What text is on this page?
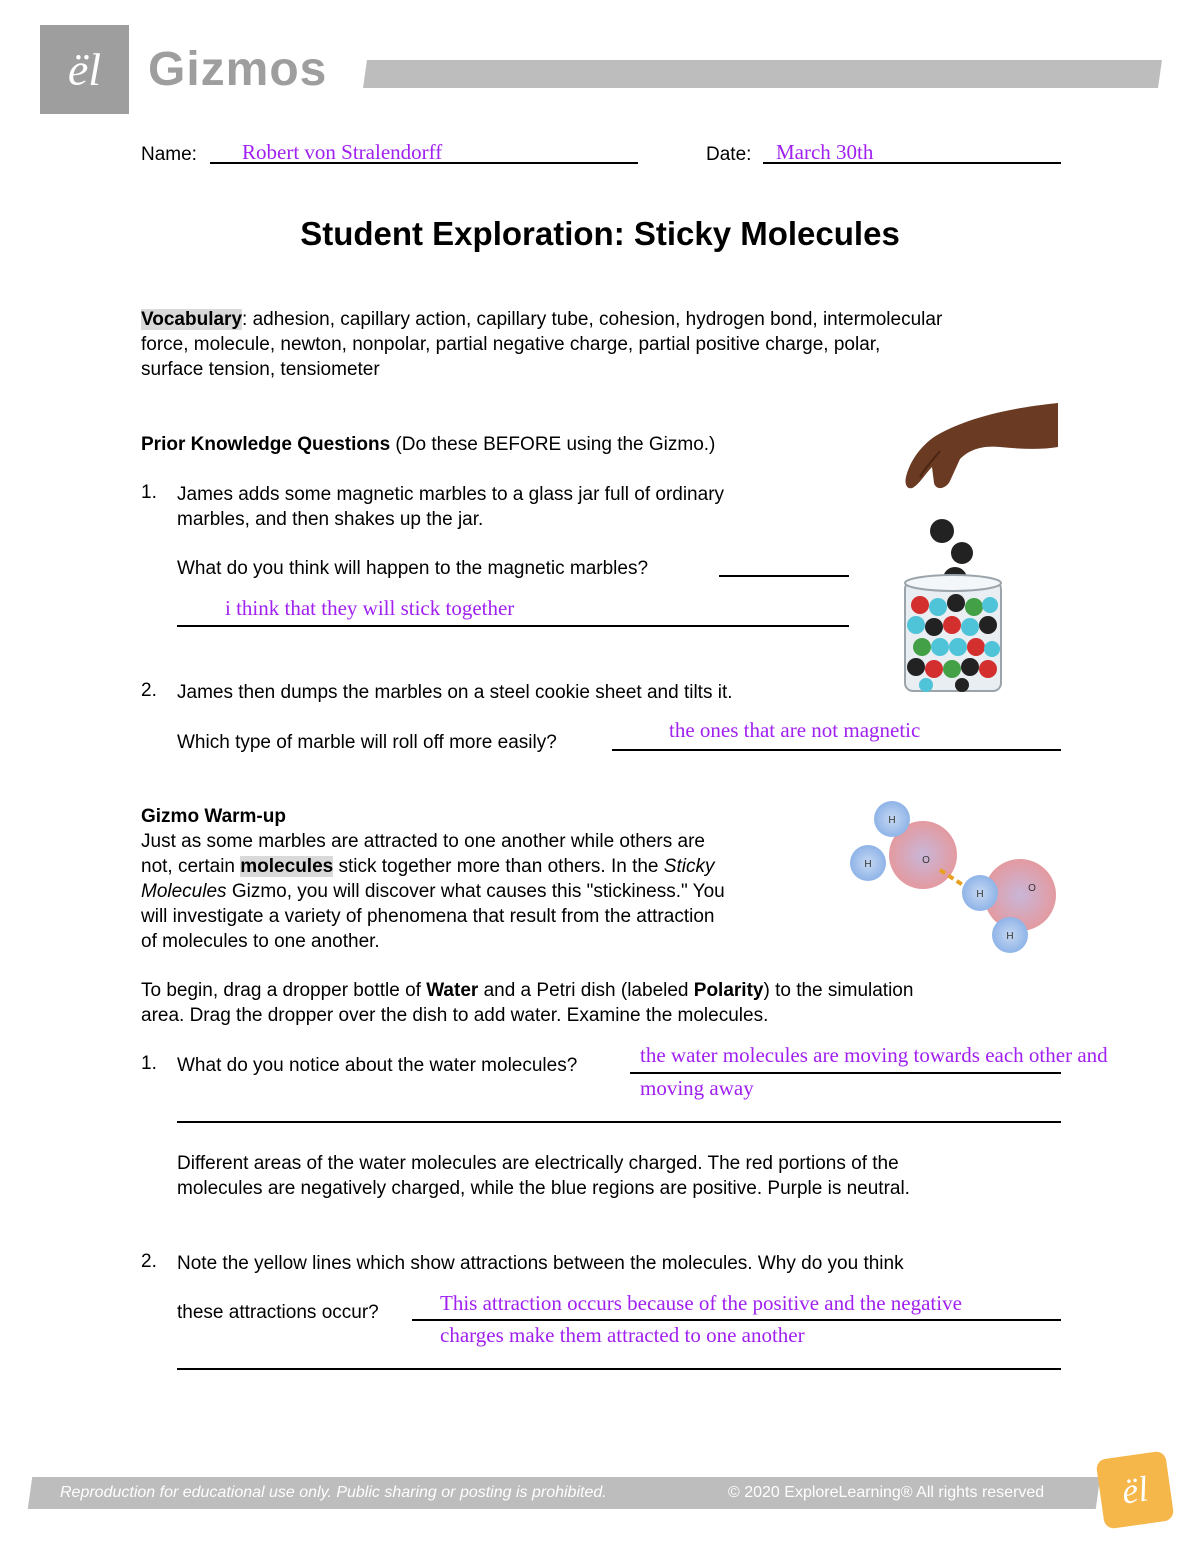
ël Gizmos
Name: Robert von Stralendorff	Date: March 30th
Student Exploration: Sticky Molecules
Vocabulary: adhesion, capillary action, capillary tube, cohesion, hydrogen bond, intermolecular
force, molecule, newton, nonpolar, partial negative charge, partial positive charge, polar,
surface tension, tensiometer
Prior Knowledge Questions (Do these BEFORE using the Gizmo.)
1. James adds some magnetic marbles to a glass jar full of ordinary
marbles, and then shakes up the jar.
What do you think will happen to the magnetic marbles?
i think that they will stick together
2. James then dumps the marbles on a steel cookie sheet and tilts it.
Which type of marble will roll off more easily?
the ones that are not magnetic
Gizmo Warm-up
Just as some marbles are attracted to one another while others are
not, certain molecules stick together more than others. In the Sticky
Molecules Gizmo, you will discover what causes this "stickiness." You
will investigate a variety of phenomena that result from the attraction
of molecules to one another.
H
H	O
H
H
O
To begin, drag a dropper bottle of Water and a Petri dish (labeled Polarity) to the simulation
area. Drag the dropper over the dish to add water. Examine the molecules.
1. What do you notice about the water molecules?	the water molecules are moving towards each other and
moving away
Different areas of the water molecules are electrically charged. The red portions of the
molecules are negatively charged, while the blue regions are positive. Purple is neutral.
2. Note the yellow lines which show attractions between the molecules. Why do you think
these attractions occur?	This attraction occurs because of the positive and the negative
charges make them attracted to one another
Reproduction for educational use only. Public sharing or posting is prohibited.	© 2020 ExploreLearning® All rights reserved	ël
